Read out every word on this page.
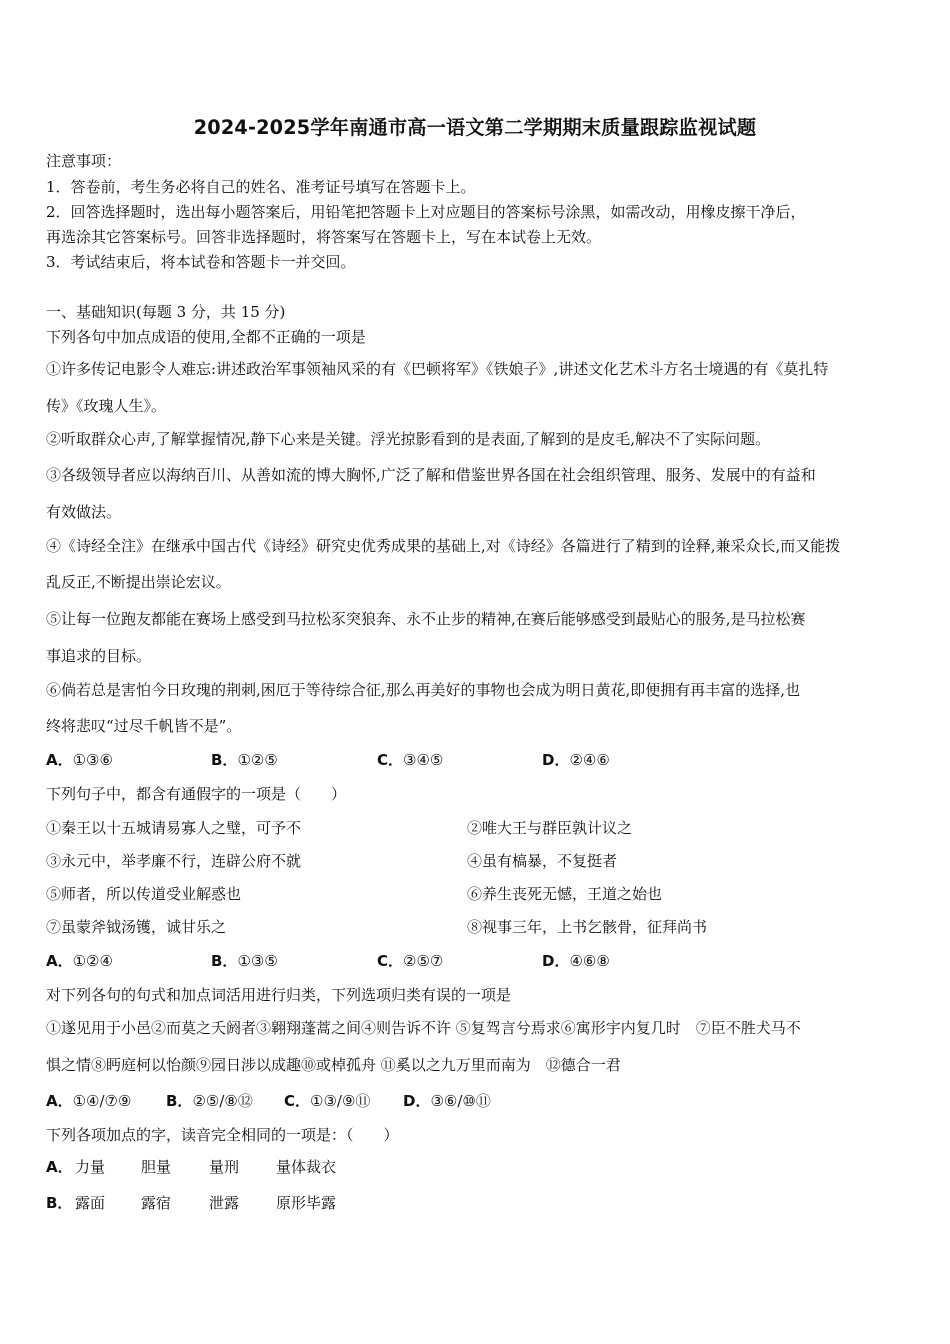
2024-2025学年南通市高一语文第二学期期末质量跟踪监视试题
注意事项：
1．答卷前，考生务必将自己的姓名、准考证号填写在答题卡上。
2．回答选择题时，选出每小题答案后，用铅笔把答题卡上对应题目的答案标号涂黑，如需改动，用橡皮擦干净后，
再选涂其它答案标号。回答非选择题时，将答案写在答题卡上，写在本试卷上无效。
3．考试结束后，将本试卷和答题卡一并交回。
一、基础知识(每题 3 分，共 15 分)
下列各句中加点成语的使用,全都不正确的一项是
①许多传记电影令人难忘:讲述政治军事领袖风采的有《巴顿将军》《铁娘子》,讲述文化艺术斗方名士境遇的有《莫扎特
传》《玫瑰人生》。
②听取群众心声,了解掌握情况,静下心来是关键。浮光掠影看到的是表面,了解到的是皮毛,解决不了实际问题。
③各级领导者应以海纳百川、从善如流的博大胸怀,广泛了解和借鉴世界各国在社会组织管理、服务、发展中的有益和
有效做法。
④《诗经全注》在继承中国古代《诗经》研究史优秀成果的基础上,对《诗经》各篇进行了精到的诠释,兼采众长,而又能拨
乱反正,不断提出崇论宏议。
⑤让每一位跑友都能在赛场上感受到马拉松豕突狼奔、永不止步的精神,在赛后能够感受到最贴心的服务,是马拉松赛
事追求的目标。
⑥倘若总是害怕今日玫瑰的荆刺,困厄于等待综合征,那么再美好的事物也会成为明日黄花,即便拥有再丰富的选择,也
终将悲叹“过尽千帆皆不是”。
A．①③⑥	B．①②⑤	C．③④⑤	D．②④⑥
下列句子中，都含有通假字的一项是（　　）
①秦王以十五城请易寡人之璧，可予不	②唯大王与群臣孰计议之
③永元中，举孝廉不行，连辟公府不就	④虽有槁暴，不复挺者
⑤师者，所以传道受业解惑也	⑥养生丧死无憾，王道之始也
⑦虽蒙斧钺汤镬，诚甘乐之	⑧视事三年，上书乞骸骨，征拜尚书
A．①②④	B．①③⑤	C．②⑤⑦	D．④⑥⑧
对下列各句的句式和加点词活用进行归类，下列选项归类有误的一项是
①遂见用于小邑②而莫之夭阏者③翱翔蓬蒿之间④则告诉不许 ⑤复驾言兮焉求⑥寓形宇内复几时　⑦臣不胜犬马不
惧之情⑧眄庭柯以怡颜⑨园日涉以成趣⑩或棹孤舟 ⑪奚以之九万里而南为　⑫德合一君
A．①④/⑦⑨ B．②⑤/⑧⑫ C．①③/⑨⑪ D．③⑥/⑩⑪
下列各项加点的字，读音完全相同的一项是：（　　）
A． 力量 胆量	量刑 量体裁衣
B． 露面 露宿	泄露 原形毕露
